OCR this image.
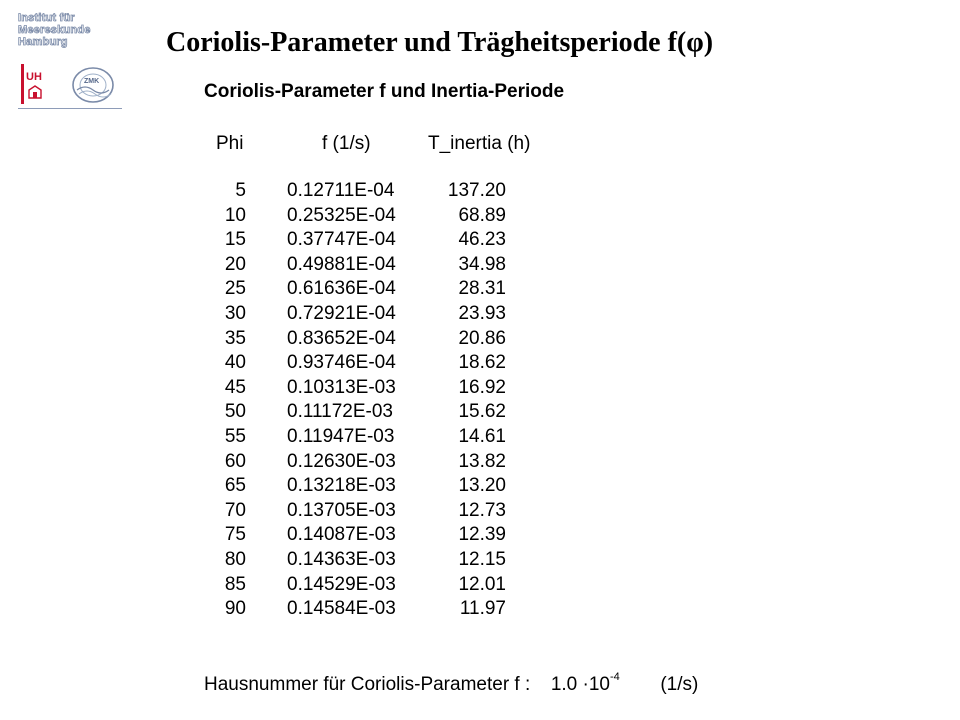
Institut für
Meereskunde
Hamburg
UH	ZMK
Coriolis-Parameter und Trägheitsperiode f(φ)
Coriolis-Parameter f und Inertia-Periode
Phi	f (1/s)	T_inertia (h)
5 0.12711E-04	137.20
10 0.25325E-04	68.89
15 0.37747E-04	46.23
20 0.49881E-04	34.98
25 0.61636E-04	28.31
30 0.72921E-04	23.93
35 0.83652E-04	20.86
40 0.93746E-04	18.62
45 0.10313E-03	16.92
50 0.11172E-03	15.62
55 0.11947E-03	14.61
60 0.12630E-03	13.82
65 0.13218E-03	13.20
70 0.13705E-03	12.73
75 0.14087E-03	12.39
80 0.14363E-03	12.15
85 0.14529E-03	12.01
90 0.14584E-03	11.97
Hausnummer für Coriolis-Parameter f : $1.0 \cdot 10^{-4}$ (1/s)
